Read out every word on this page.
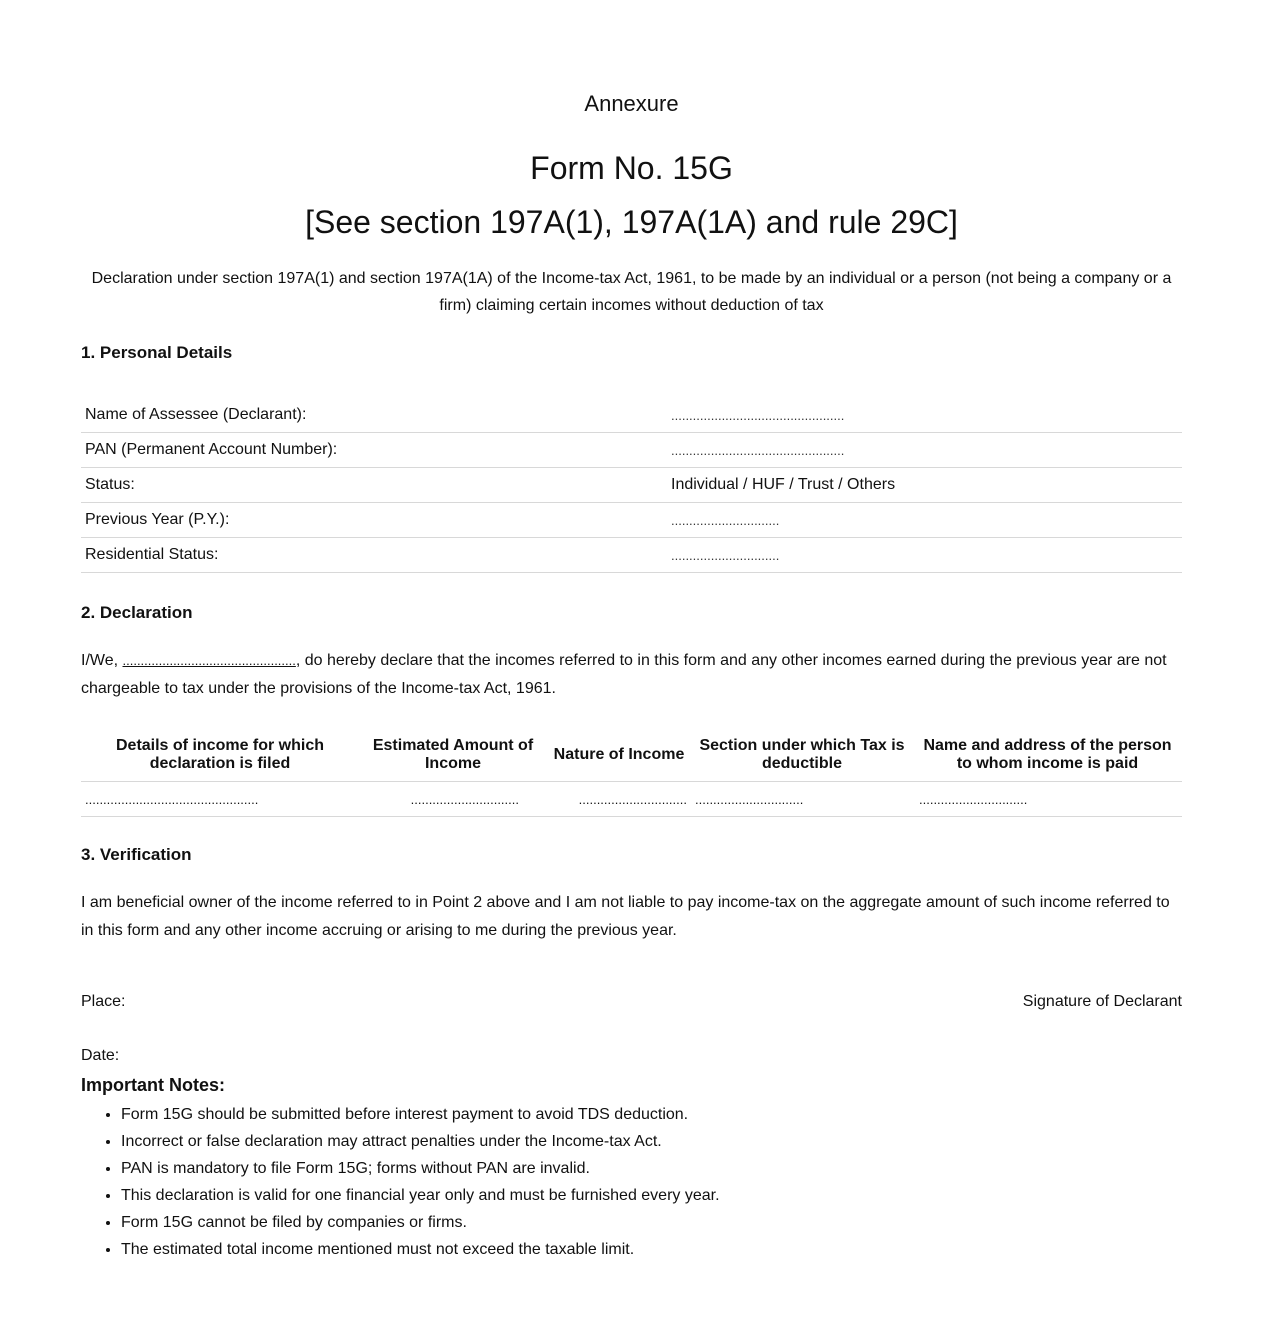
Annexure
Form No. 15G
[See section 197A(1), 197A(1A) and rule 29C]

Declaration under section 197A(1) and section 197A(1A) of the Income-tax Act, 1961, to be made by an individual or a person (not being a company or a firm) claiming certain incomes without deduction of tax

1. Personal Details
Name of Assessee (Declarant):	................................................
PAN (Permanent Account Number):	................................................
Status:	Individual / HUF / Trust / Others
Previous Year (P.Y.):	..............................
Residential Status:	..............................
2. Declaration

I/We, ................................................, do hereby declare that the incomes referred to in this form and any other incomes earned during the previous year are not chargeable to tax under the provisions of the Income-tax Act, 1961.

Details of income for which declaration is filed	Estimated Amount of Income	Nature of Income	Section under which Tax is deductible	Name and address of the person to whom income is paid
................................................	..............................	..............................	..............................	..............................
3. Verification

I am beneficial owner of the income referred to in Point 2 above and I am not liable to pay income-tax on the aggregate amount of such income referred to in this form and any other income accruing or arising to me during the previous year.

Place:	Signature of Declarant
Date:
Important Notes:
• Form 15G should be submitted before interest payment to avoid TDS deduction.
• Incorrect or false declaration may attract penalties under the Income-tax Act.
• PAN is mandatory to file Form 15G; forms without PAN are invalid.
• This declaration is valid for one financial year only and must be furnished every year.
• Form 15G cannot be filed by companies or firms.
• The estimated total income mentioned must not exceed the taxable limit.
